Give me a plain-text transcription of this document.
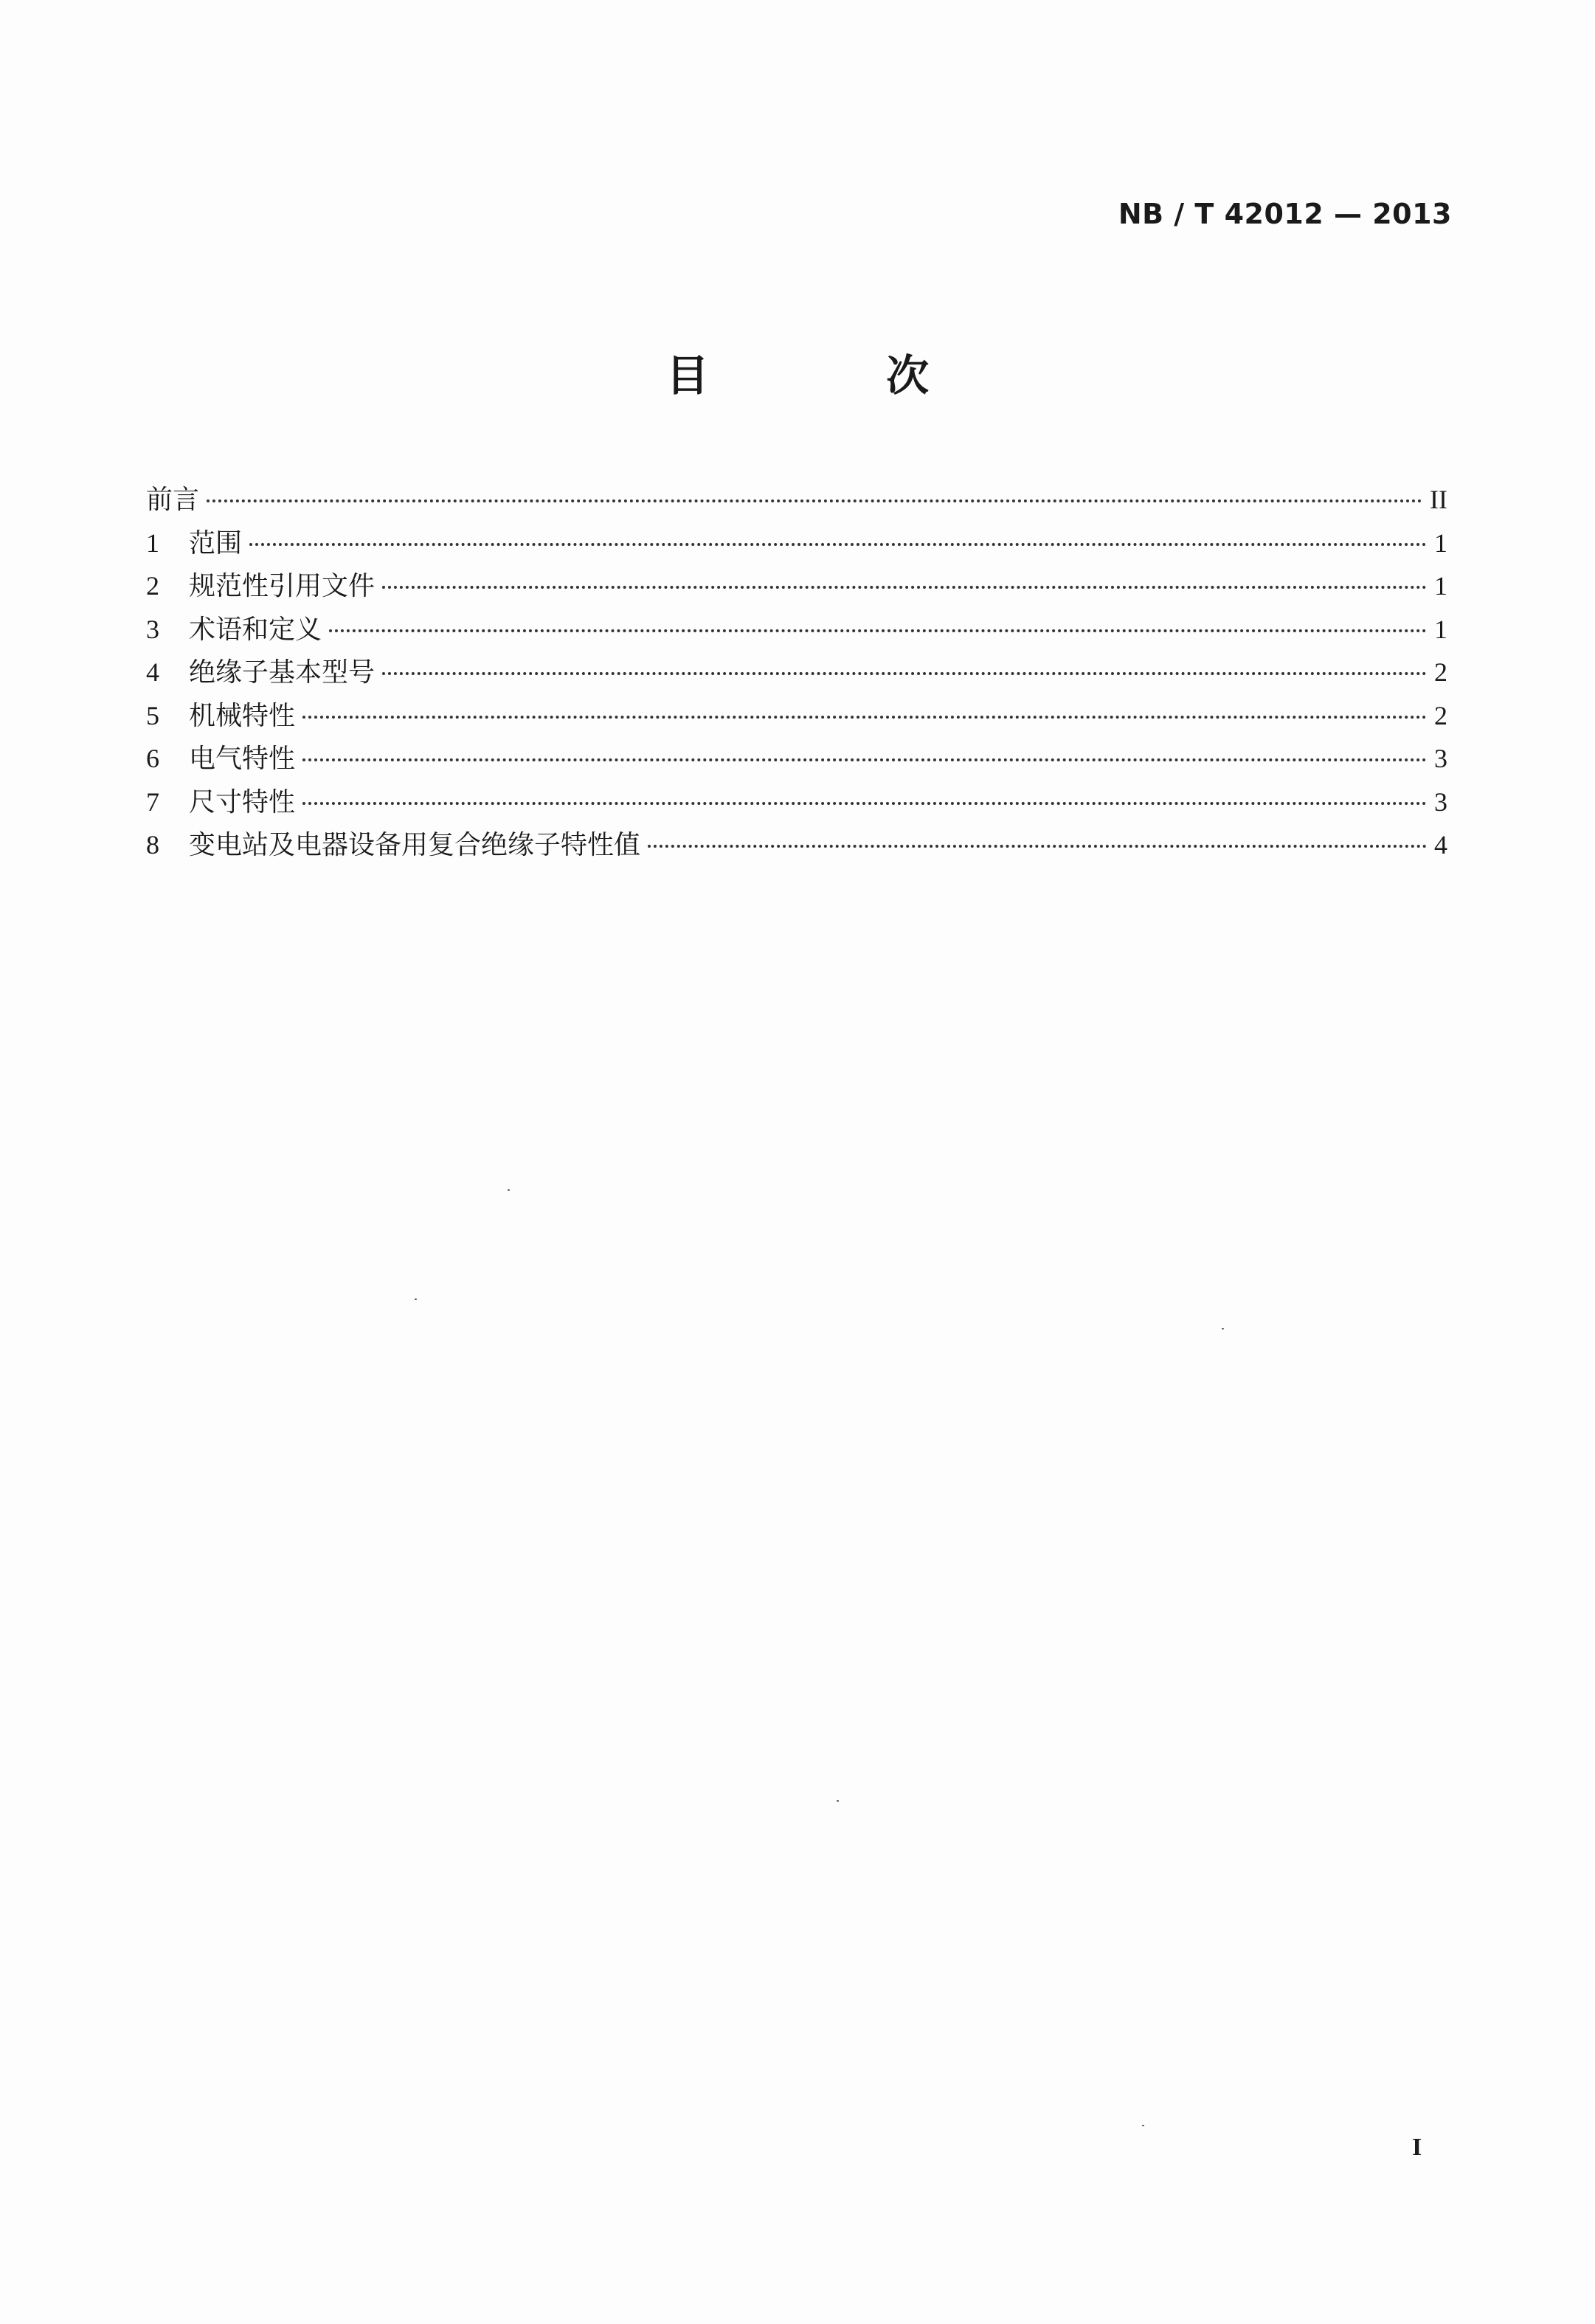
NB / T 42012 — 2013
目 次
前言	II
1	范围	1
2	规范性引用文件	1
3	术语和定义	1
4	绝缘子基本型号	2
5	机械特性	2
6	电气特性	3
7	尺寸特性	3
8	变电站及电器设备用复合绝缘子特性值	4
I
